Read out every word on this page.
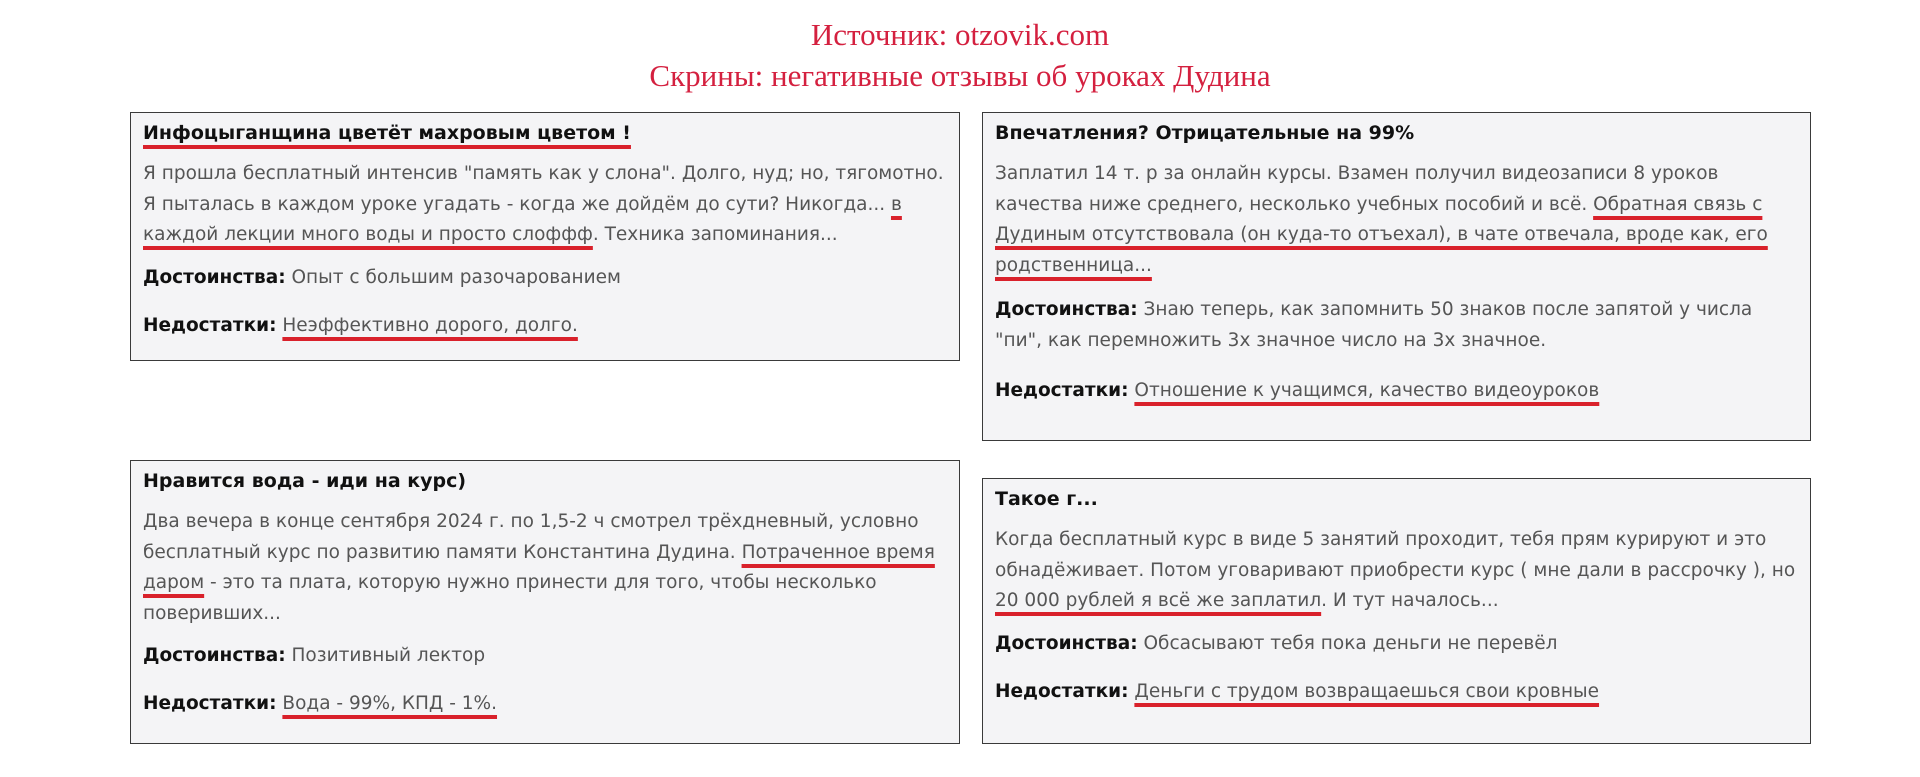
Источник: otzovik.com
Скрины: негативные отзывы об уроках Дудина
Инфоцыганщина цветёт махровым цветом !
Я прошла бесплатный интенсив "память как у слона". Долго, нуд; но, тягомотно. Я пыталась в каждом уроке угадать - когда же дойдём до сути? Никогда... в каждой лекции много воды и просто слоффф. Техника запоминания...
Достоинства: Опыт с большим разочарованием
Недостатки: Неэффективно дорого, долго.
Впечатления? Отрицательные на 99%
Заплатил 14 т. р за онлайн курсы. Взамен получил видеозаписи 8 уроков качества ниже среднего, несколько учебных пособий и всё. Обратная связь с Дудиным отсутствовала (он куда-то отъехал), в чате отвечала, вроде как, его родственница...
Достоинства: Знаю теперь, как запомнить 50 знаков после запятой у числа "пи", как перемножить 3х значное число на 3х значное.
Недостатки: Отношение к учащимся, качество видеоуроков
Нравится вода - иди на курс)
Два вечера в конце сентября 2024 г. по 1,5-2 ч смотрел трёхдневный, условно бесплатный курс по развитию памяти Константина Дудина. Потраченное время даром - это та плата, которую нужно принести для того, чтобы несколько поверивших...
Достоинства: Позитивный лектор
Недостатки: Вода - 99%, КПД - 1%.
Такое г...
Когда бесплатный курс в виде 5 занятий проходит, тебя прям курируют и это обнадёживает. Потом уговаривают приобрести курс ( мне дали в рассрочку ), но 20 000 рублей я всё же заплатил. И тут началось...
Достоинства: Обсасывают тебя пока деньги не перевёл
Недостатки: Деньги с трудом возвращаешься свои кровные
